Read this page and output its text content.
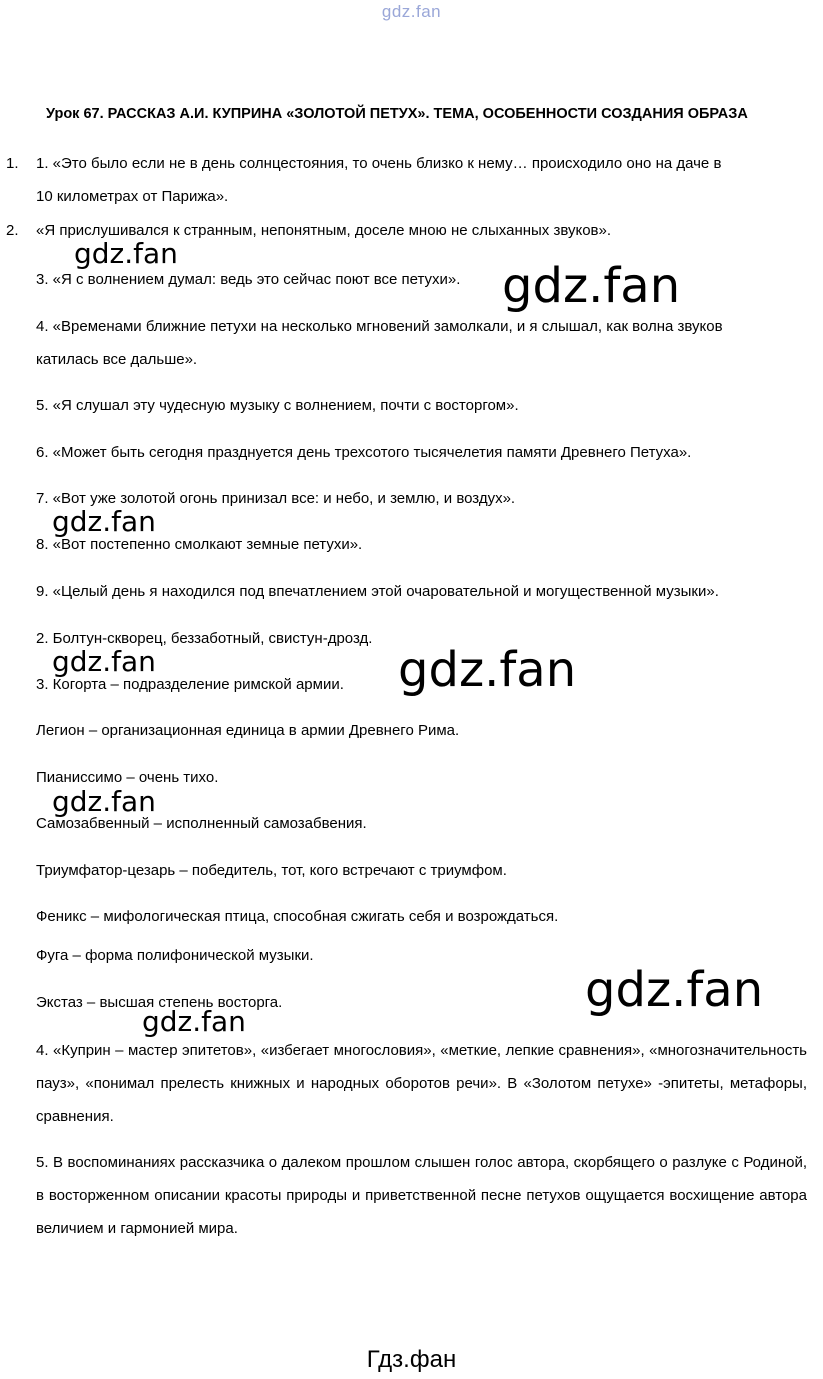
gdz.fan
Урок 67. РАССКАЗ А.И. КУПРИНА «ЗОЛОТОЙ ПЕТУХ». ТЕМА, ОСОБЕННОСТИ СОЗДАНИЯ ОБРАЗА
1.
2.
1. «Это было если не в день солнцестояния, то очень близко к нему… происходило оно на даче в
10 километрах от Парижа».
«Я прислушивался к странным, непонятным, доселе мною не слыханных звуков».
3. «Я с волнением думал: ведь это сейчас поют все петухи».
4. «Временами ближние петухи на несколько мгновений замолкали, и я слышал, как волна звуков
катилась все дальше».
5. «Я слушал эту чудесную музыку с волнением, почти с восторгом».
6. «Может быть сегодня празднуется день трехсотого тысячелетия памяти Древнего Петуха».
7. «Вот уже золотой огонь принизал все: и небо, и землю, и воздух».
8. «Вот постепенно смолкают земные петухи».
9. «Целый день я находился под впечатлением этой очаровательной и могущественной музыки».
2. Болтун-скворец, беззаботный, свистун-дрозд.
3. Когорта – подразделение римской армии.
Легион – организационная единица в армии Древнего Рима.
Пианиссимо – очень тихо.
Самозабвенный – исполненный самозабвения.
Триумфатор-цезарь – победитель, тот, кого встречают с триумфом.
Феникс – мифологическая птица, способная сжигать себя и возрождаться.
Фуга – форма полифонической музыки.
Экстаз – высшая степень восторга.
4. «Куприн – мастер эпитетов», «избегает многословия», «меткие, лепкие сравнения», «многозначительность пауз», «понимал прелесть книжных и народных оборотов речи». В «Золотом петухе» -эпитеты, метафоры, сравнения.
5. В воспоминаниях рассказчика о далеком прошлом слышен голос автора, скорбящего о разлуке с Родиной, в восторженном описании красоты природы и приветственной песне петухов ощущается восхищение автора величием и гармонией мира.
gdz.fan
gdz.fan
gdz.fan
gdz.fan	gdz.fan
gdz.fan
gdz.fan
gdz.fan
Гдз.фан
